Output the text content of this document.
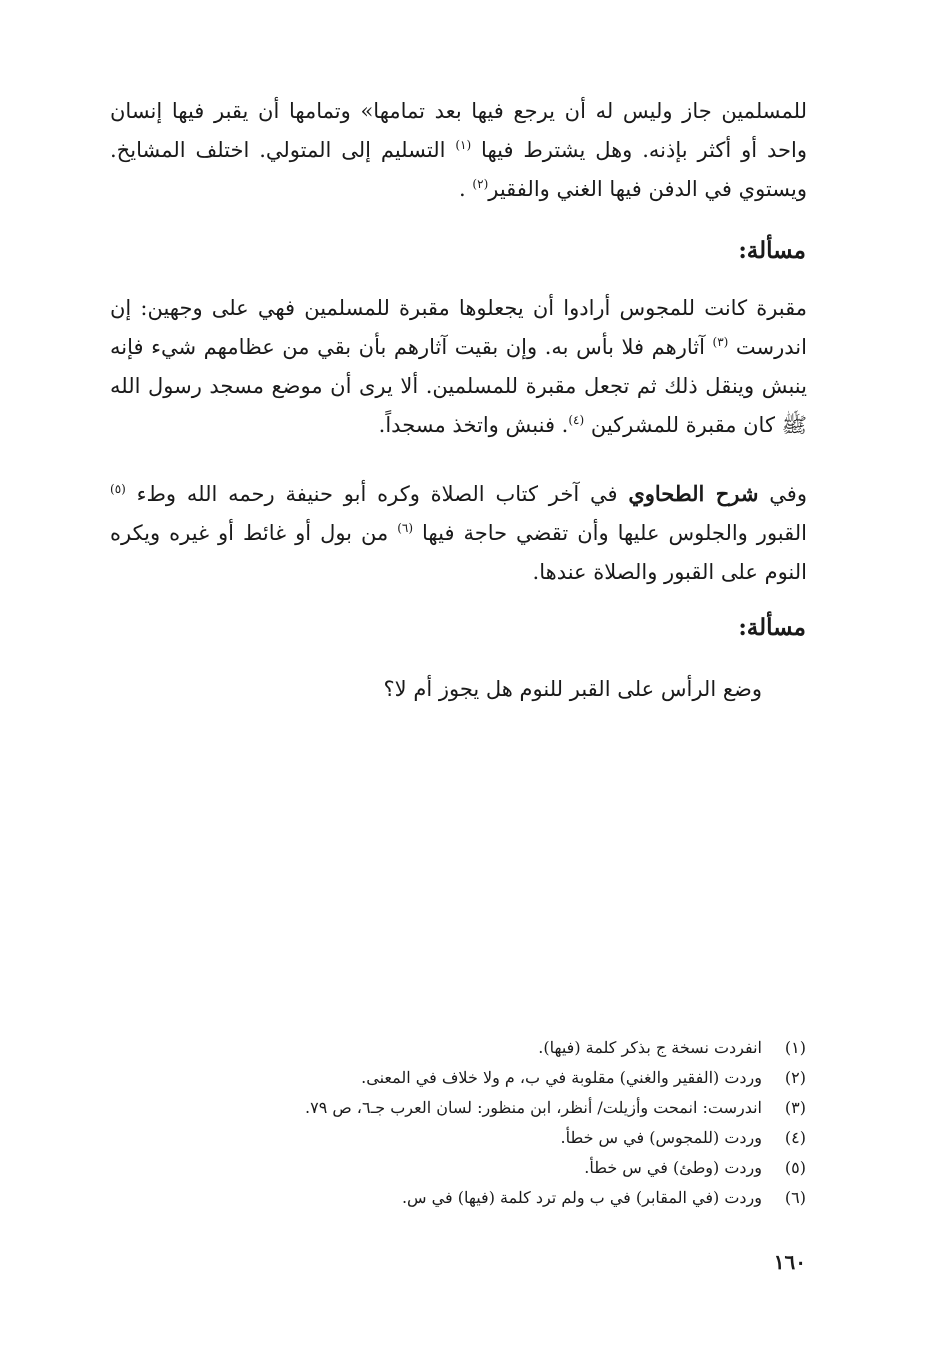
للمسلمين جاز وليس له أن يرجع فيها بعد تمامها» وتمامها أن يقبر فيها إنسان واحد أو أكثر بإذنه. وهل يشترط فيها $^{(١)}$ التسليم إلى المتولي. اختلف المشايخ. ويستوي في الدفن فيها الغني والفقير$^{(٢)}$ .

مسألة:

مقبرة كانت للمجوس أرادوا أن يجعلوها مقبرة للمسلمين فهي على وجهين: إن اندرست $^{(٣)}$ آثارهم فلا بأس به. وإن بقيت آثارهم بأن بقي من عظامهم شيء فإنه ينبش وينقل ذلك ثم تجعل مقبرة للمسلمين. ألا يرى أن موضع مسجد رسول الله ﷺ كان مقبرة للمشركين $^{(٤)}$. فنبش واتخذ مسجداً.

وفي شرح الطحاوي في آخر كتاب الصلاة وكره أبو حنيفة رحمه الله وطء $^{(٥)}$ القبور والجلوس عليها وأن تقضي حاجة فيها $^{(٦)}$ من بول أو غائط أو غيره ويكره النوم على القبور والصلاة عندها.

مسألة:

وضع الرأس على القبر للنوم هل يجوز أم لا؟

(١)
انفردت نسخة ج بذكر كلمة (فيها).
(٢)
وردت (الفقير والغني) مقلوبة في ب، م ولا خلاف في المعنى.
(٣)
اندرست: انمحت وأزيلت/ أنظر، ابن منظور: لسان العرب جـ٦، ص ٧٩.
(٤)
وردت (للمجوس) في س خطأ.
(٥)
وردت (وطئ) في س خطأ.
(٦)
وردت (في المقابر) في ب ولم ترد كلمة (فيها) في س.
١٦٠
